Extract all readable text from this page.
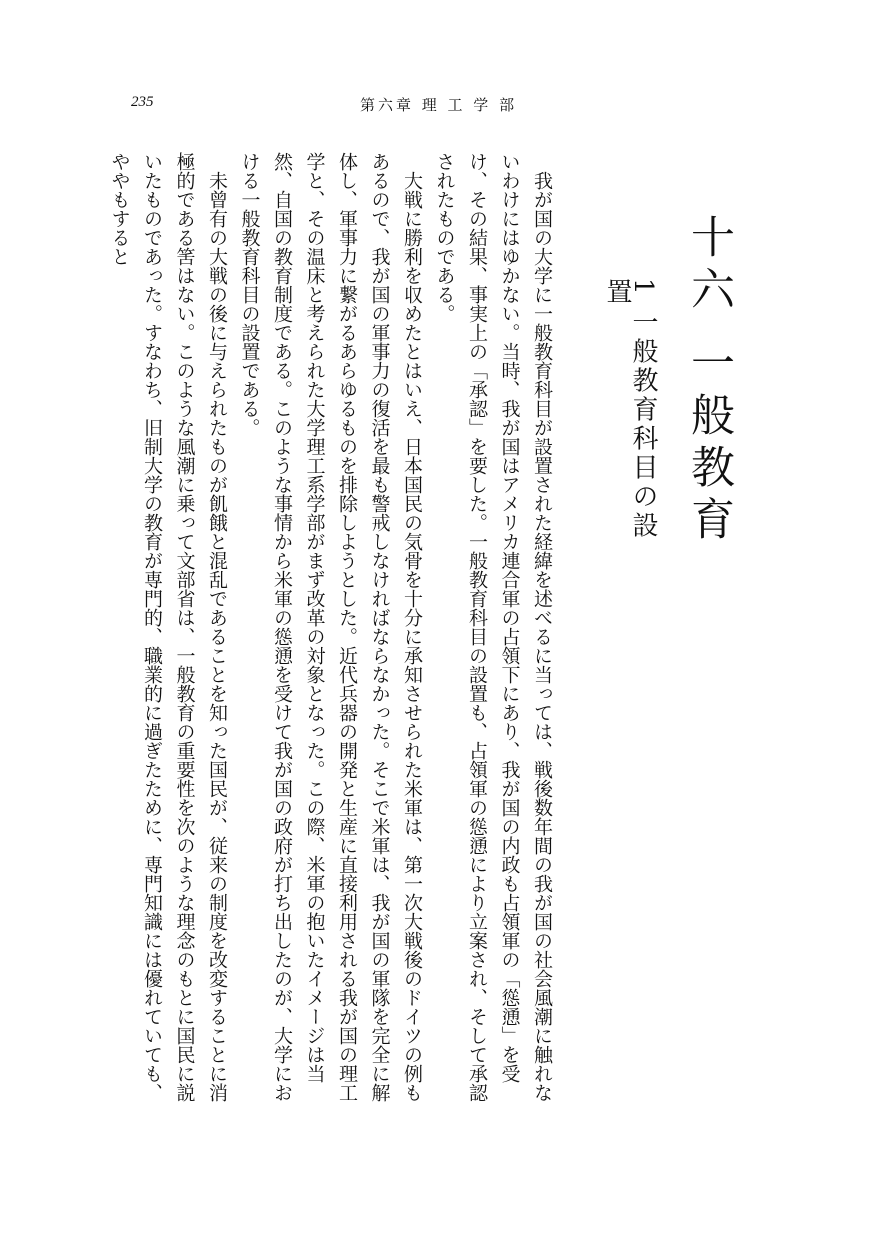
235	第六章 理 工 学 部
十六 一般教育
1 一般教育科目の設置

我が国の大学に一般教育科目が設置された経緯を述べるに当っては、戦後数年間の我が国の社会風潮に触れないわけにはゆかない。当時、我が国はアメリカ連合軍の占領下にあり、我が国の内政も占領軍の「慫慂」を受け、その結果、事実上の「承認」を要した。一般教育科目の設置も、占領軍の慫慂により立案され、そして承認されたものである。

大戦に勝利を収めたとはいえ、日本国民の気骨を十分に承知させられた米軍は、第一次大戦後のドイツの例もあるので、我が国の軍事力の復活を最も警戒しなければならなかった。そこで米軍は、我が国の軍隊を完全に解体し、軍事力に繋がるあらゆるものを排除しようとした。近代兵器の開発と生産に直接利用される我が国の理工学と、その温床と考えられた大学理工系学部がまず改革の対象となった。この際、米軍の抱いたイメージは当然、自国の教育制度である。このような事情から米軍の慫慂を受けて我が国の政府が打ち出したのが、大学における一般教育科目の設置である。

未曾有の大戦の後に与えられたものが飢餓と混乱であることを知った国民が、従来の制度を改変することに消極的である筈はない。このような風潮に乗って文部省は、一般教育の重要性を次のような理念のもとに国民に説いたものであった。すなわち、旧制大学の教育が専門的、職業的に過ぎたために、専門知識には優れていても、ややもすると
